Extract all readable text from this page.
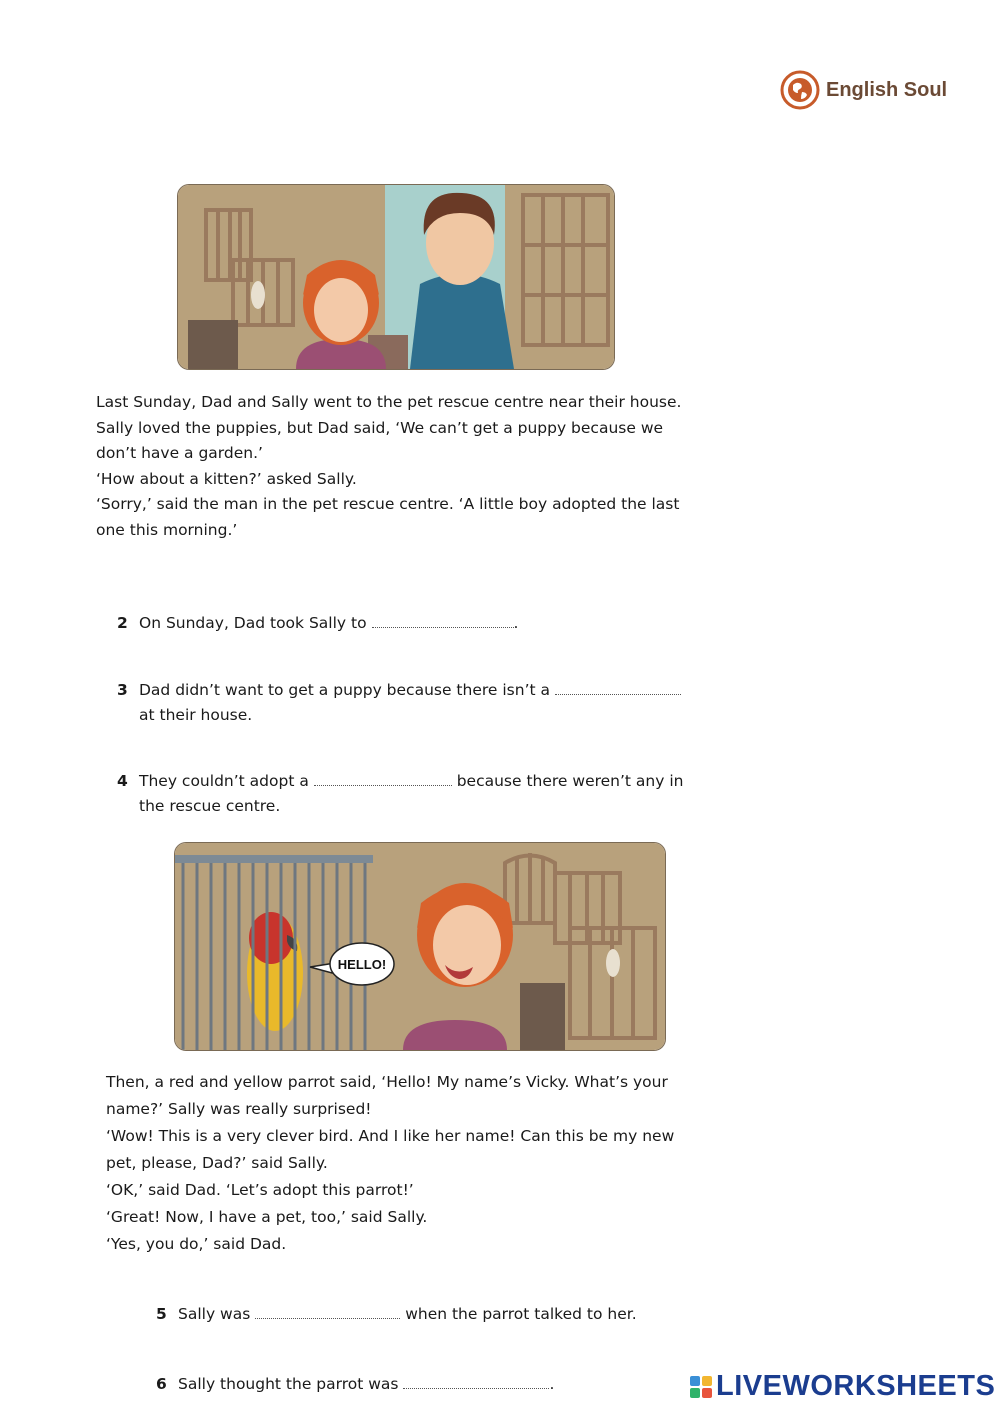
English Soul

Last Sunday, Dad and Sally went to the pet rescue centre near their house.

Sally loved the puppies, but Dad said, ‘We can’t get a puppy because we

don’t have a garden.’

‘How about a kitten?’ asked Sally.

‘Sorry,’ said the man in the pet rescue centre. ‘A little boy adopted the last

one this morning.’

2 On Sunday, Dad took Sally to	.
3 Dad didn’t want to get a puppy because there isn’t a
at their house.
4 They couldn’t adopt a	because there weren’t any in
the rescue centre.
HELLO!

Then, a red and yellow parrot said, ‘Hello! My name’s Vicky. What’s your

name?’ Sally was really surprised!

‘Wow! This is a very clever bird. And I like her name! Can this be my new

pet, please, Dad?’ said Sally.

‘OK,’ said Dad. ‘Let’s adopt this parrot!’

‘Great! Now, I have a pet, too,’ said Sally.

‘Yes, you do,’ said Dad.

5 Sally was	when the parrot talked to her.
6 Sally thought the parrot was	.	LIVEWORKSHEETS
